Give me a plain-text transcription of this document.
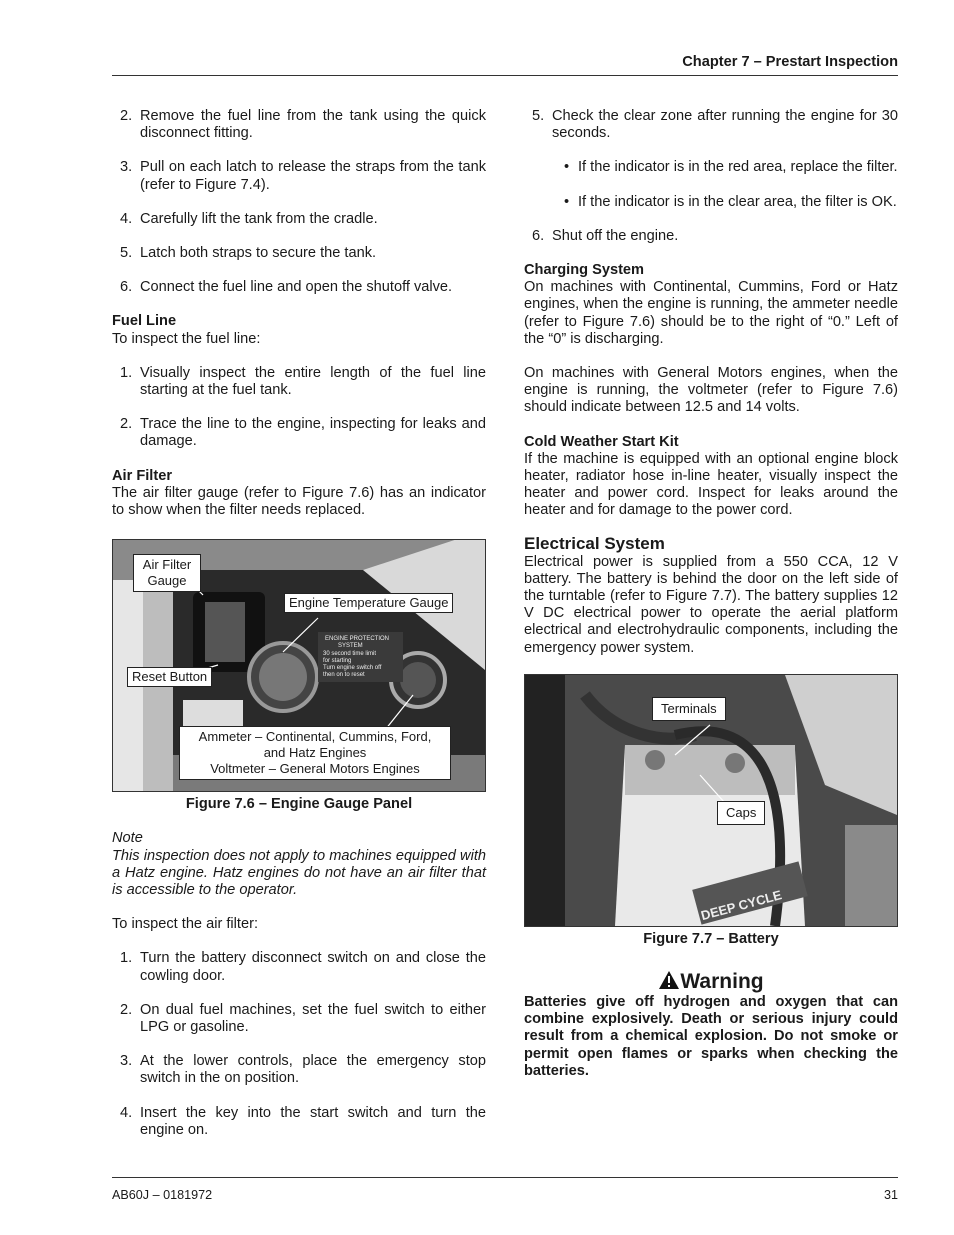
Chapter 7 – Prestart Inspection
2. Remove the fuel line from the tank using the quick disconnect fitting.
3. Pull on each latch to release the straps from the tank (refer to Figure 7.4).
4. Carefully lift the tank from the cradle.
5. Latch both straps to secure the tank.
6. Connect the fuel line and open the shutoff valve.
Fuel Line

To inspect the fuel line:

1. Visually inspect the entire length of the fuel line starting at the fuel tank.
2. Trace the line to the engine, inspecting for leaks and damage.
Air Filter

The air filter gauge (refer to Figure 7.6) has an indicator to show when the filter needs replaced.

ENGINE PROTECTION
SYSTEM
30 second time limit
for starting
Turn engine switch off
then on to reset
Air Filter
Gauge
Engine Temperature Gauge
Reset Button
Ammeter – Continental, Cummins, Ford,
and Hatz Engines
Voltmeter – General Motors Engines

Figure 7.6 – Engine Gauge Panel

Note

This inspection does not apply to machines equipped with a Hatz engine. Hatz engines do not have an air filter that is accessible to the operator.

To inspect the air filter:

1. Turn the battery disconnect switch on and close the cowling door.
2. On dual fuel machines, set the fuel switch to either LPG or gasoline.
3. At the lower controls, place the emergency stop switch in the on position.
4. Insert the key into the start switch and turn the engine on.
5. Check the clear zone after running the engine for 30 seconds.
• If the indicator is in the red area, replace the filter.
• If the indicator is in the clear area, the filter is OK.
6. Shut off the engine.
Charging System

On machines with Continental, Cummins, Ford or Hatz engines, when the engine is running, the ammeter needle (refer to Figure 7.6) should be to the right of “0.” Left of the “0” is discharging.

On machines with General Motors engines, when the engine is running, the voltmeter (refer to Figure 7.6) should indicate between 12.5 and 14 volts.

Cold Weather Start Kit

If the machine is equipped with an optional engine block heater, radiator hose in-line heater, visually inspect the heater and power cord. Inspect for leaks around the heater and for damage to the power cord.

Electrical System

Electrical power is supplied from a 550 CCA, 12 V battery. The battery is behind the door on the left side of the turntable (refer to Figure 7.7). The battery supplies 12 V DC electrical power to operate the aerial platform electrical and electrohydraulic components, including the emergency power system.

DEEP CYCLE
Terminals
Caps

Figure 7.7 – Battery

Warning

Batteries give off hydrogen and oxygen that can combine explosively. Death or serious injury could result from a chemical explosion. Do not smoke or permit open flames or sparks when checking the batteries.

AB60J – 0181972	31
